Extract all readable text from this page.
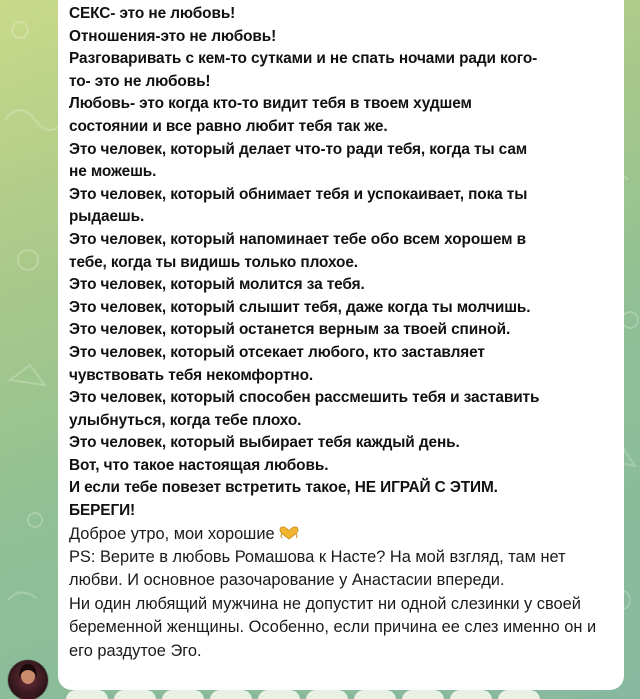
СЕКС- это не любовь!

Отношения-это не любовь!

Разговаривать с кем-то сутками и не спать ночами ради кого-
то- это не любовь!

Любовь- это когда кто-то видит тебя в твоем худшем
состоянии и все равно любит тебя так же.

Это человек, который делает что-то ради тебя, когда ты сам
не можешь.

Это человек, который обнимает тебя и успокаивает, пока ты
рыдаешь.

Это человек, который напоминает тебе обо всем хорошем в
тебе, когда ты видишь только плохое.

Это человек, который молится за тебя.

Это человек, который слышит тебя, даже когда ты молчишь.

Это человек, который останется верным за твоей спиной.

Это человек, который отсекает любого, кто заставляет
чувствовать тебя некомфортно.

Это человек, который способен рассмешить тебя и заставить
улыбнуться, когда тебе плохо.

Это человек, который выбирает тебя каждый день.

Вот, что такое настоящая любовь.

И если тебе повезет встретить такое, НЕ ИГРАЙ С ЭТИМ.
БЕРЕГИ!

Доброе утро, мои хорошие

PS: Верите в любовь Ромашова к Насте? На мой взгляд, там нет любви. И основное разочарование у Анастасии впереди.

Ни один любящий мужчина не допустит ни одной слезинки у своей беременной женщины. Особенно, если причина ее слез именно он и его раздутое Эго.
